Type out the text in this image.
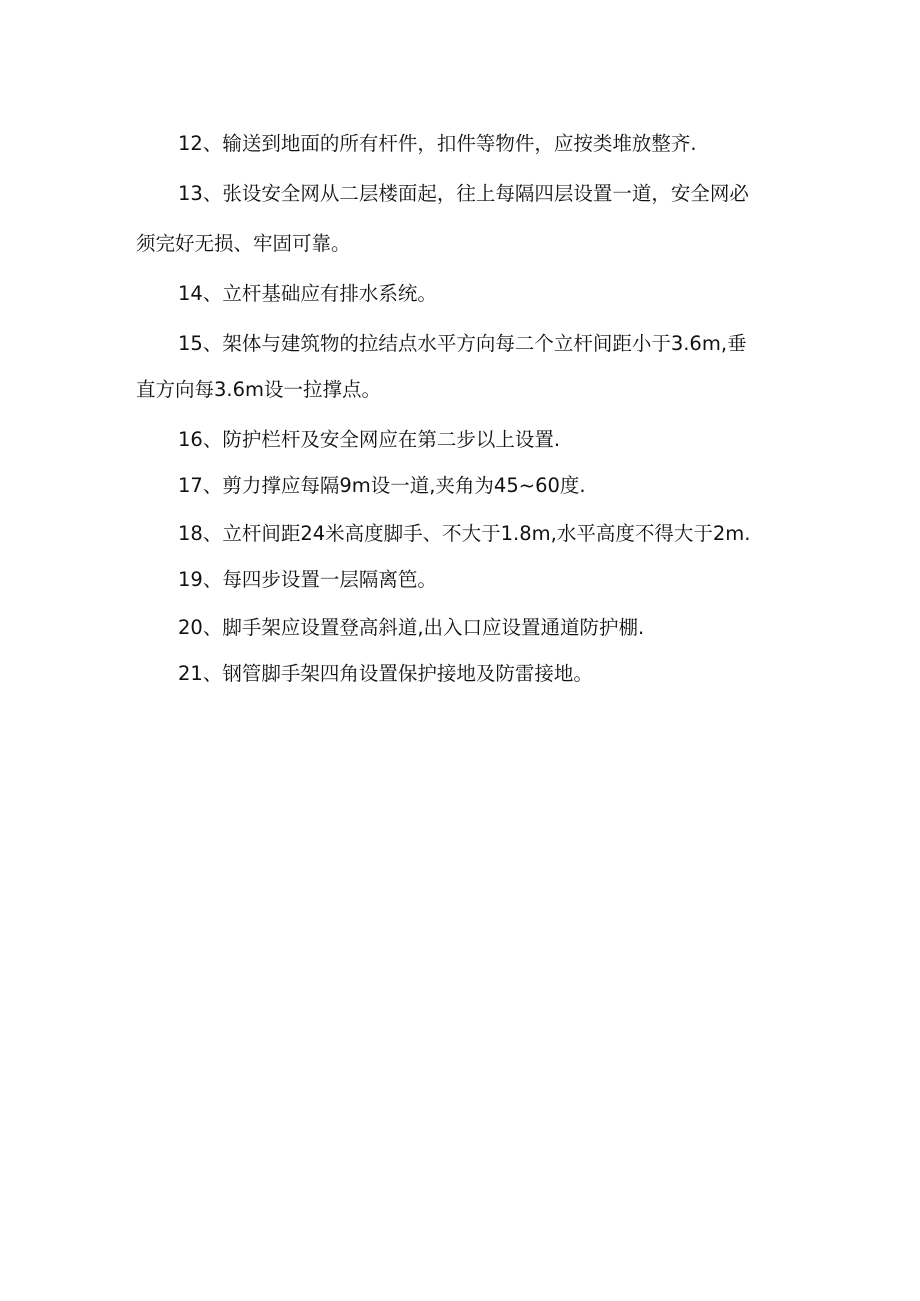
12、输送到地面的所有杆件，扣件等物件，应按类堆放整齐.

13、张设安全网从二层楼面起，往上每隔四层设置一道，安全网必

须完好无损、牢固可靠。

14、立杆基础应有排水系统。

15、架体与建筑物的拉结点水平方向每二个立杆间距小于3.6m,垂

直方向每3.6m设一拉撑点。

16、防护栏杆及安全网应在第二步以上设置.

17、剪力撑应每隔9m设一道,夹角为45~60度.

18、立杆间距24米高度脚手、不大于1.8m,水平高度不得大于2m.

19、每四步设置一层隔离笆。

20、脚手架应设置登高斜道,出入口应设置通道防护棚.

21、钢管脚手架四角设置保护接地及防雷接地。
